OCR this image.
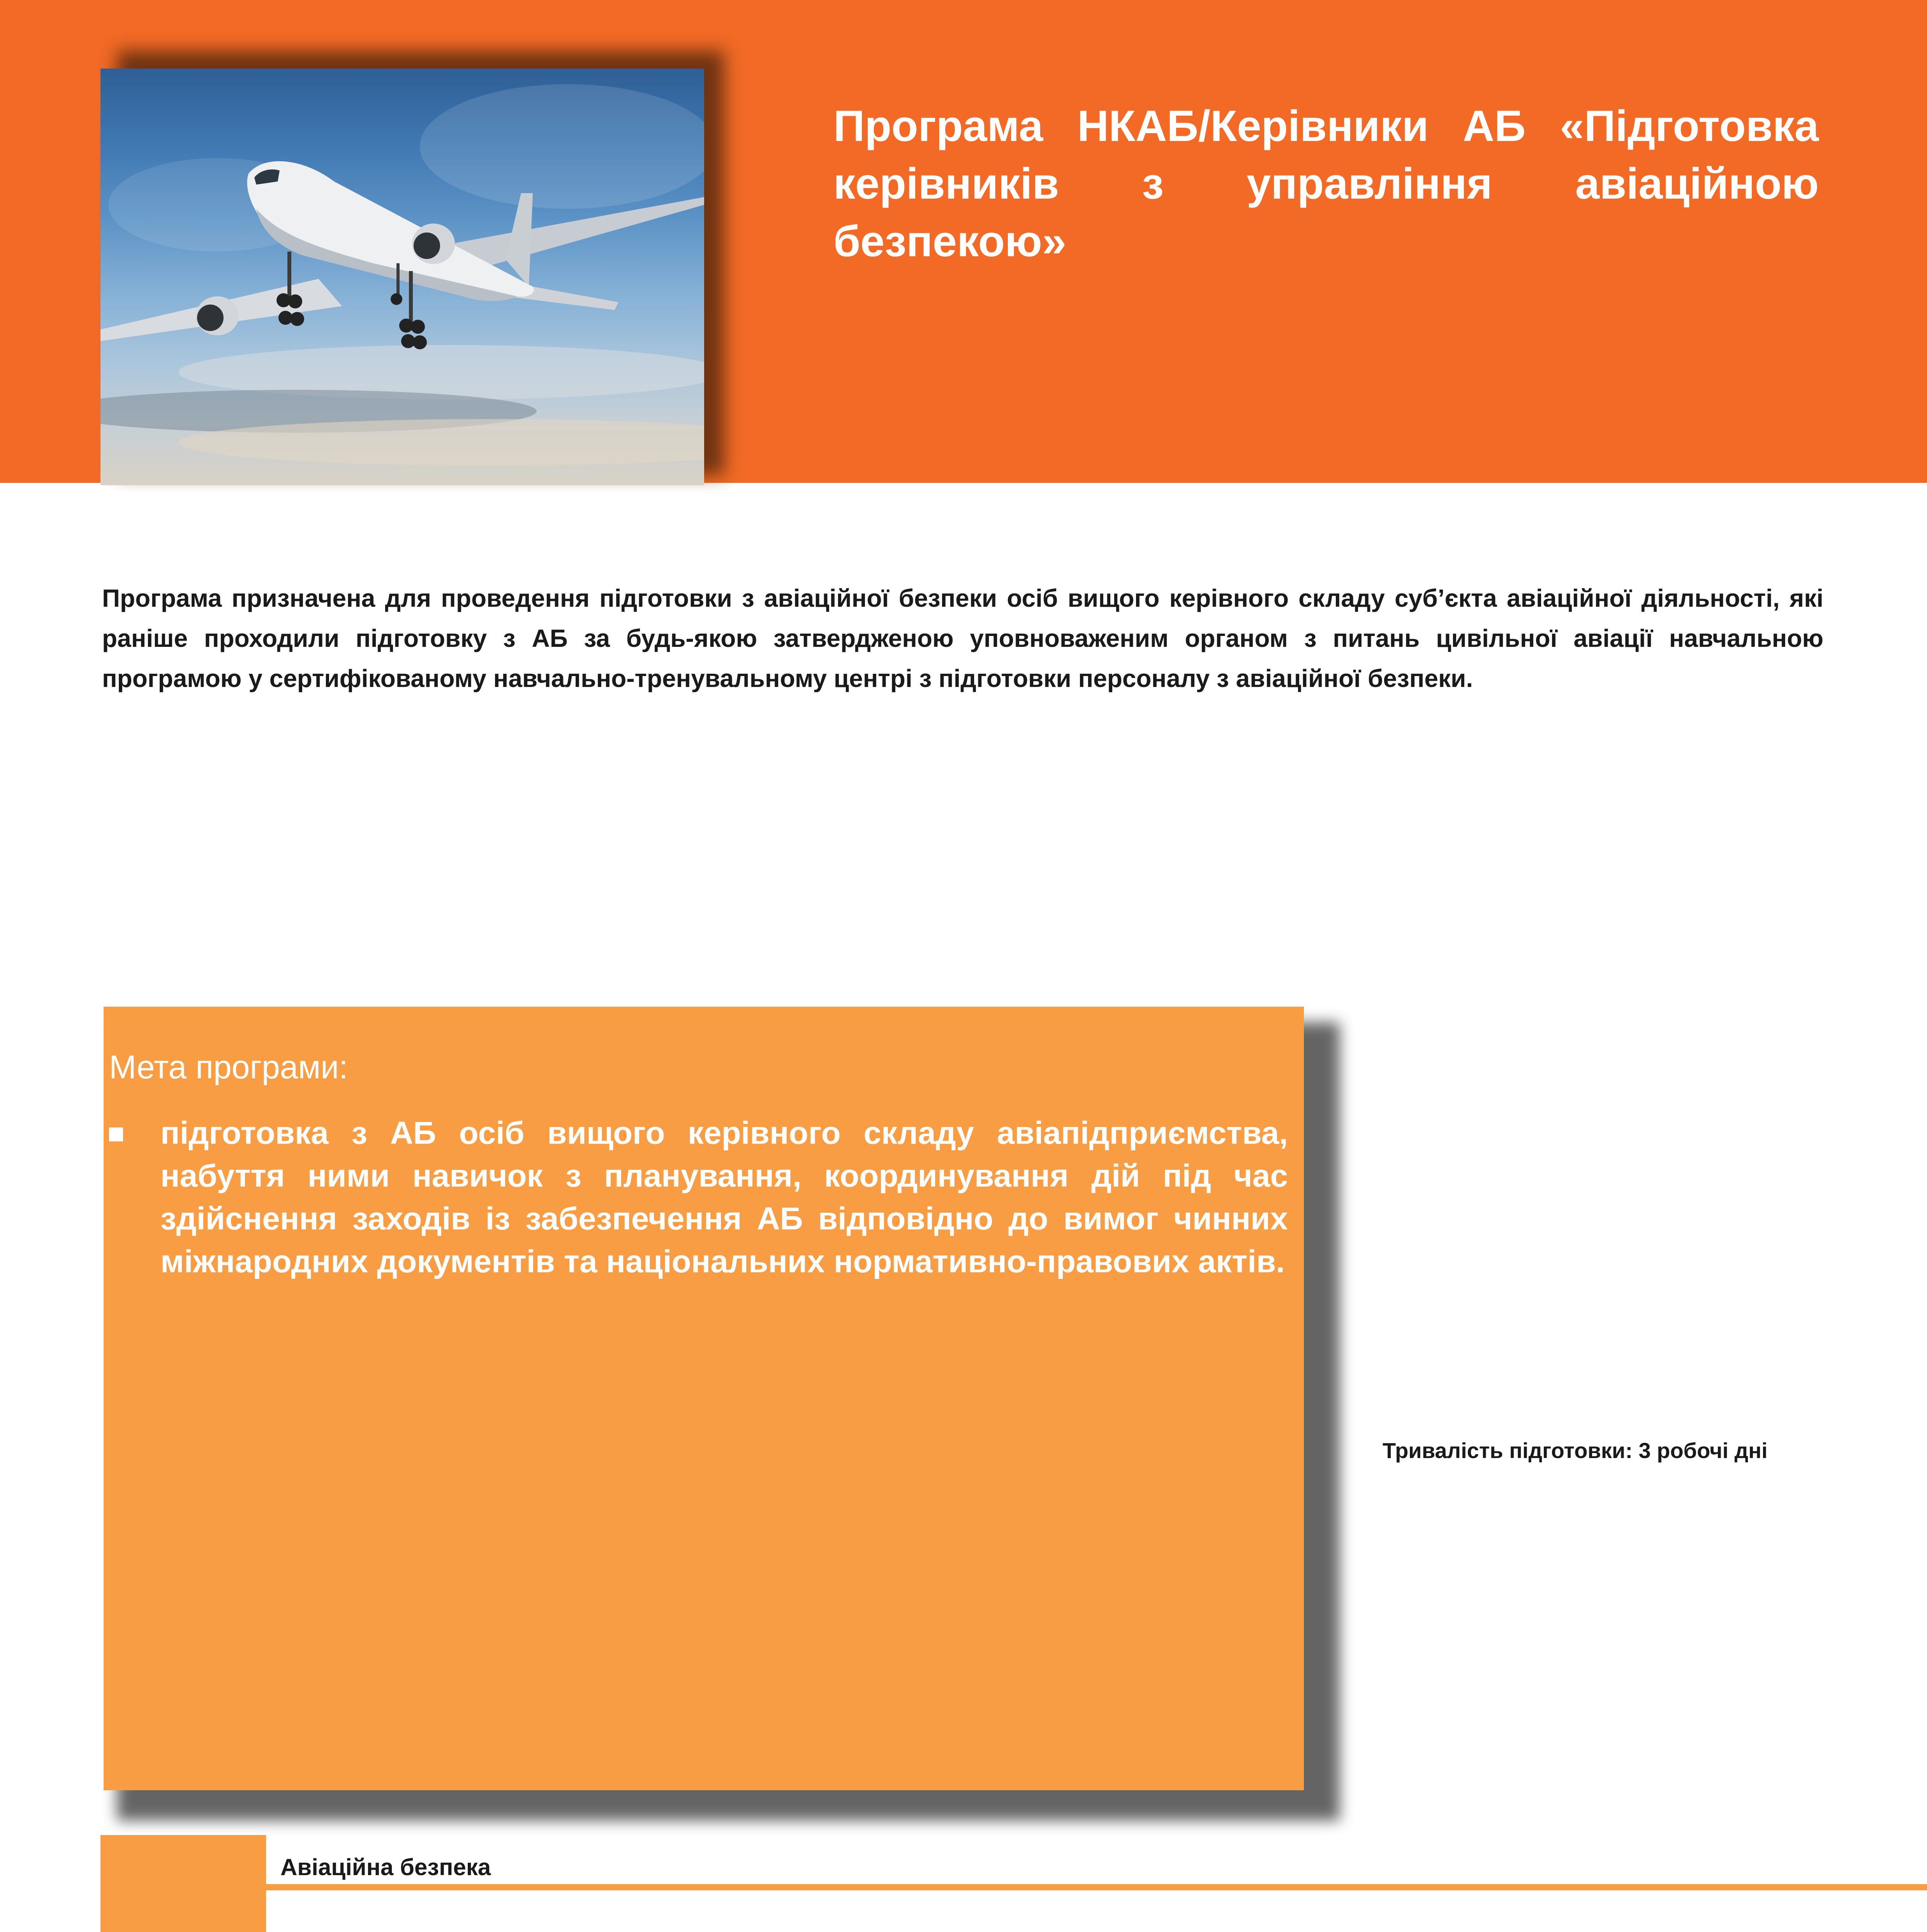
Програма НКАБ/Керівники АБ «Підготовка керівників з управління авіаційною безпекою»

Програма призначена для проведення підготовки з авіаційної безпеки осіб вищого керівного складу суб’єкта авіаційної діяльності, які раніше проходили підготовку з АБ за будь-якою затвердженою уповноваженим органом з питань цивільної авіації навчальною програмою у сертифікованому навчально-тренувальному центрі з підготовки персоналу з авіаційної безпеки.

Мета програми:

підготовка з АБ осіб вищого керівного складу авіапідприємства, набуття ними навичок з планування, координування дій під час здійснення заходів із забезпечення АБ відповідно до вимог чинних міжнародних документів та національних нормативно-правових актів.

Тривалість підготовки: 3 робочі дні

Авіаційна безпека
